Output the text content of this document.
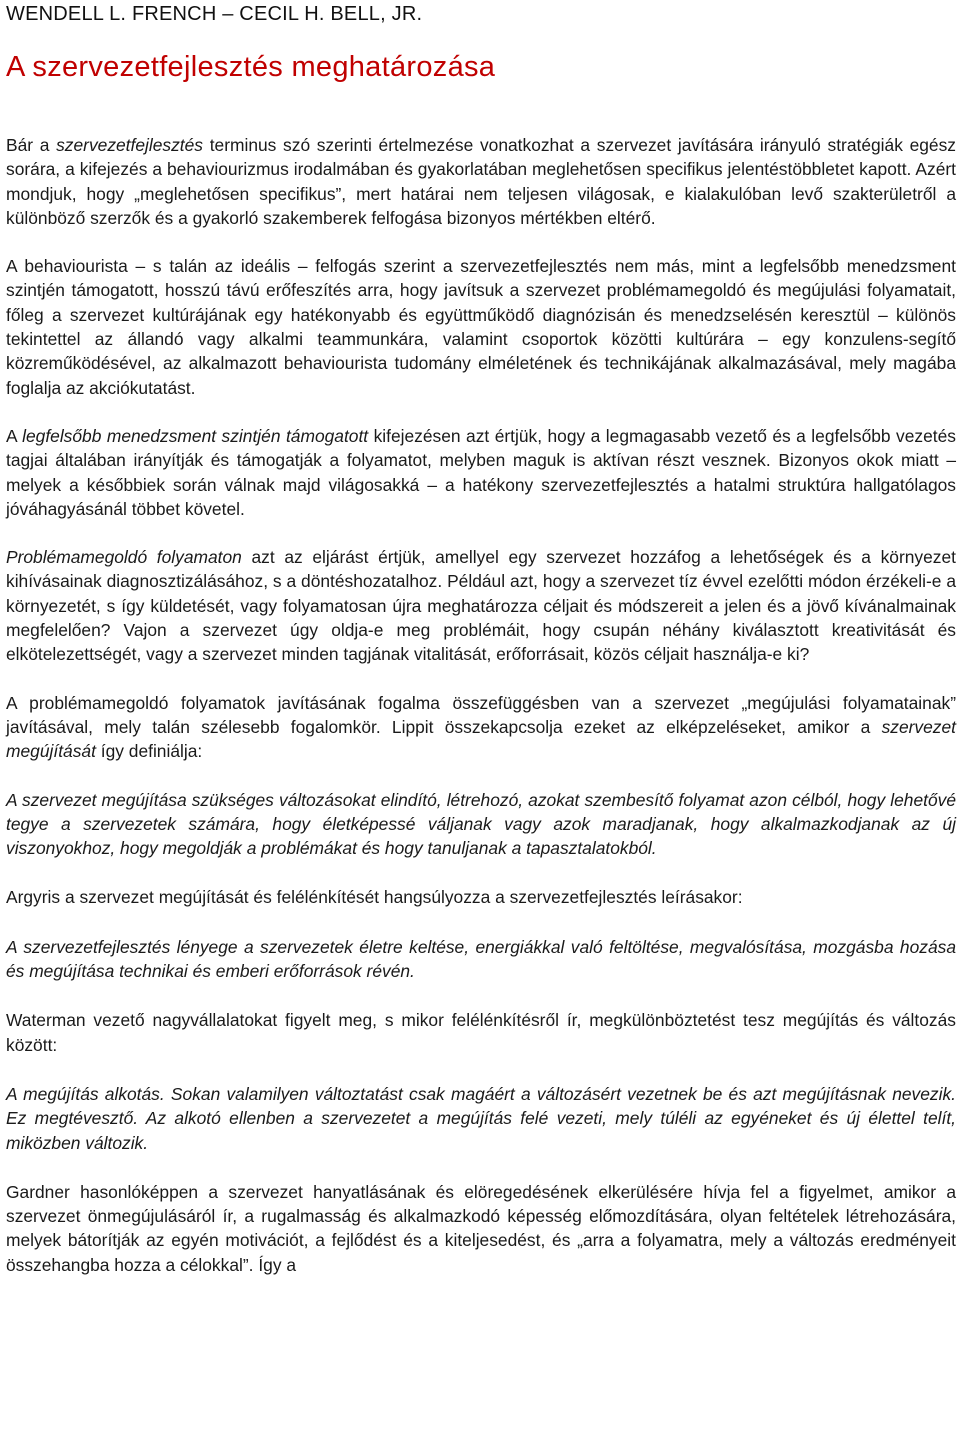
WENDELL L. FRENCH – CECIL H. BELL, JR.
A szervezetfejlesztés meghatározása

Bár a szervezetfejlesztés terminus szó szerinti értelmezése vonatkozhat a szervezet javítására irányuló stratégiák egész sorára, a kifejezés a behaviourizmus irodalmában és gyakorlatában meglehetősen specifikus jelentéstöbbletet kapott. Azért mondjuk, hogy „meglehetősen specifikus”, mert határai nem teljesen világosak, e kialakulóban levő szakterületről a különböző szerzők és a gyakorló szakemberek felfogása bizonyos mértékben eltérő.

A behaviourista – s talán az ideális – felfogás szerint a szervezetfejlesztés nem más, mint a legfelsőbb menedzsment szintjén támogatott, hosszú távú erőfeszítés arra, hogy javítsuk a szervezet problémamegoldó és megújulási folyamatait, főleg a szervezet kultúrájának egy hatékonyabb és együttműködő diagnózisán és menedzselésén keresztül – különös tekintettel az állandó vagy alkalmi teammunkára, valamint csoportok közötti kultúrára – egy konzulens-segítő közreműködésével, az alkalmazott behaviourista tudomány elméletének és technikájának alkalmazásával, mely magába foglalja az akciókutatást.

A legfelsőbb menedzsment szintjén támogatott kifejezésen azt értjük, hogy a legmagasabb vezető és a legfelsőbb vezetés tagjai általában irányítják és támogatják a folyamatot, melyben maguk is aktívan részt vesznek. Bizonyos okok miatt – melyek a későbbiek során válnak majd világosakká – a hatékony szervezetfejlesztés a hatalmi struktúra hallgatólagos jóváhagyásánál többet követel.

Problémamegoldó folyamaton azt az eljárást értjük, amellyel egy szervezet hozzáfog a lehetőségek és a környezet kihívásainak diagnosztizálásához, s a döntéshozatalhoz. Például azt, hogy a szervezet tíz évvel ezelőtti módon érzékeli-e a környezetét, s így küldetését, vagy folyamatosan újra meghatározza céljait és módszereit a jelen és a jövő kívánalmainak megfelelően? Vajon a szervezet úgy oldja-e meg problémáit, hogy csupán néhány kiválasztott kreativitását és elkötelezettségét, vagy a szervezet minden tagjának vitalitását, erőforrásait, közös céljait használja-e ki?

A problémamegoldó folyamatok javításának fogalma összefüggésben van a szervezet „megújulási folyamatainak” javításával, mely talán szélesebb fogalomkör. Lippit összekapcsolja ezeket az elképzeléseket, amikor a szervezet megújítását így definiálja:

A szervezet megújítása szükséges változásokat elindító, létrehozó, azokat szembesítő folyamat azon célból, hogy lehetővé tegye a szervezetek számára, hogy életképessé váljanak vagy azok maradjanak, hogy alkalmazkodjanak az új viszonyokhoz, hogy megoldják a problémákat és hogy tanuljanak a tapasztalatokból.

Argyris a szervezet megújítását és felélénkítését hangsúlyozza a szervezetfejlesztés leírásakor:

A szervezetfejlesztés lényege a szervezetek életre keltése, energiákkal való feltöltése, megvalósítása, mozgásba hozása és megújítása technikai és emberi erőforrások révén.

Waterman vezető nagyvállalatokat figyelt meg, s mikor felélénkítésről ír, megkülönböztetést tesz megújítás és változás között:

A megújítás alkotás. Sokan valamilyen változtatást csak magáért a változásért vezetnek be és azt megújításnak nevezik. Ez megtévesztő. Az alkotó ellenben a szervezetet a megújítás felé vezeti, mely túléli az egyéneket és új élettel telít, miközben változik.

Gardner hasonlóképpen a szervezet hanyatlásának és elöregedésének elkerülésére hívja fel a figyelmet, amikor a szervezet önmegújulásáról ír, a rugalmasság és alkalmazkodó képesség előmozdítására, olyan feltételek létrehozására, melyek bátorítják az egyén motivációt, a fejlődést és a kiteljesedést, és „arra a folyamatra, mely a változás eredményeit összehangba hozza a célokkal”. Így a
